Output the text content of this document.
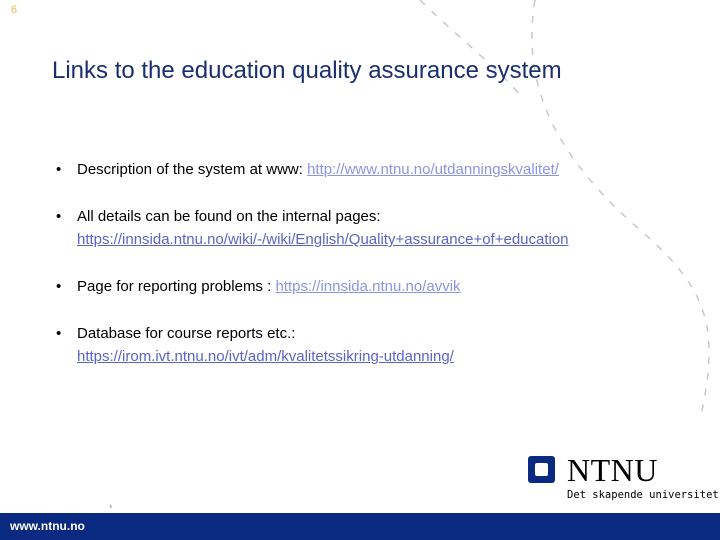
6
Links to the education quality assurance system
• Description of the system at www: http://www.ntnu.no/utdanningskvalitet/
• All details can be found on the internal pages:
https://innsida.ntnu.no/wiki/-/wiki/English/Quality+assurance+of+education
• Page for reporting problems : https://innsida.ntnu.no/avvik
• Database for course reports etc.:
https://irom.ivt.ntnu.no/ivt/adm/kvalitetssikring-utdanning/
NTNU
Det skapende universitet
www.ntnu.no
